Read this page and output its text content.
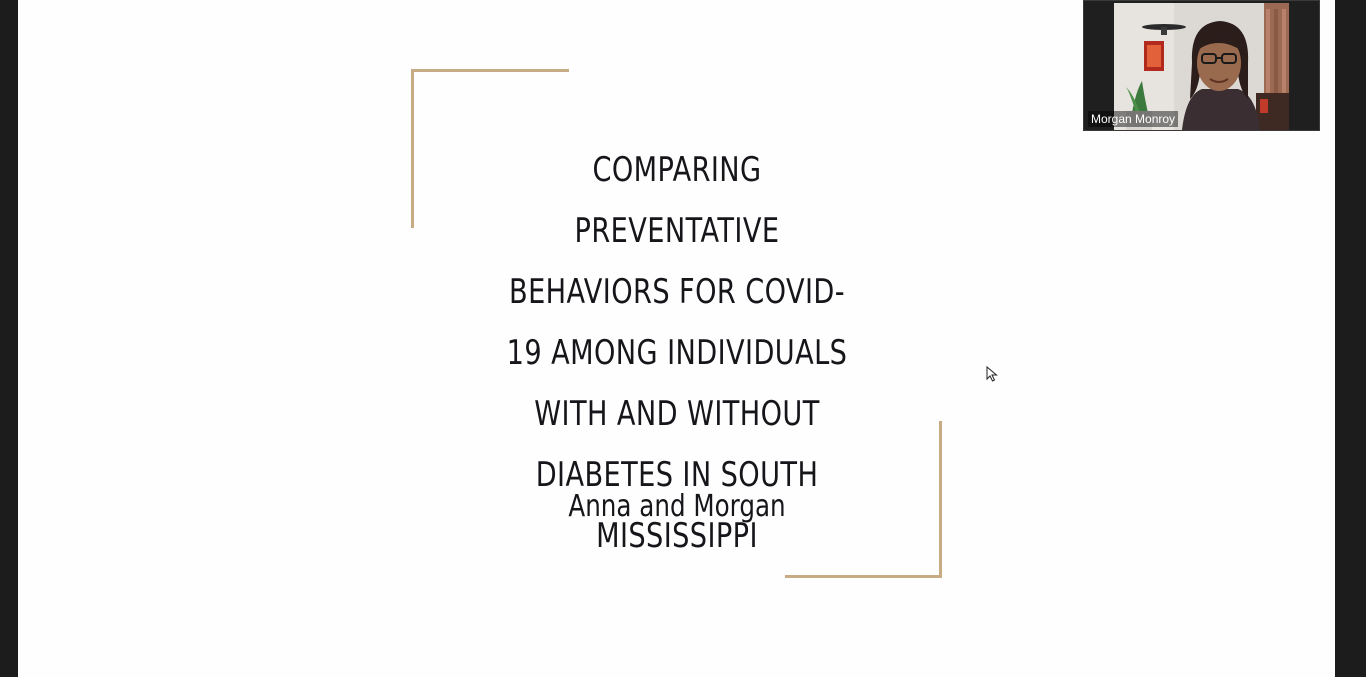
COMPARING PREVENTATIVE BEHAVIORS FOR COVID-19 AMONG INDIVIDUALS WITH AND WITHOUT DIABETES IN SOUTH MISSISSIPPI
Anna and Morgan
Morgan Monroy
